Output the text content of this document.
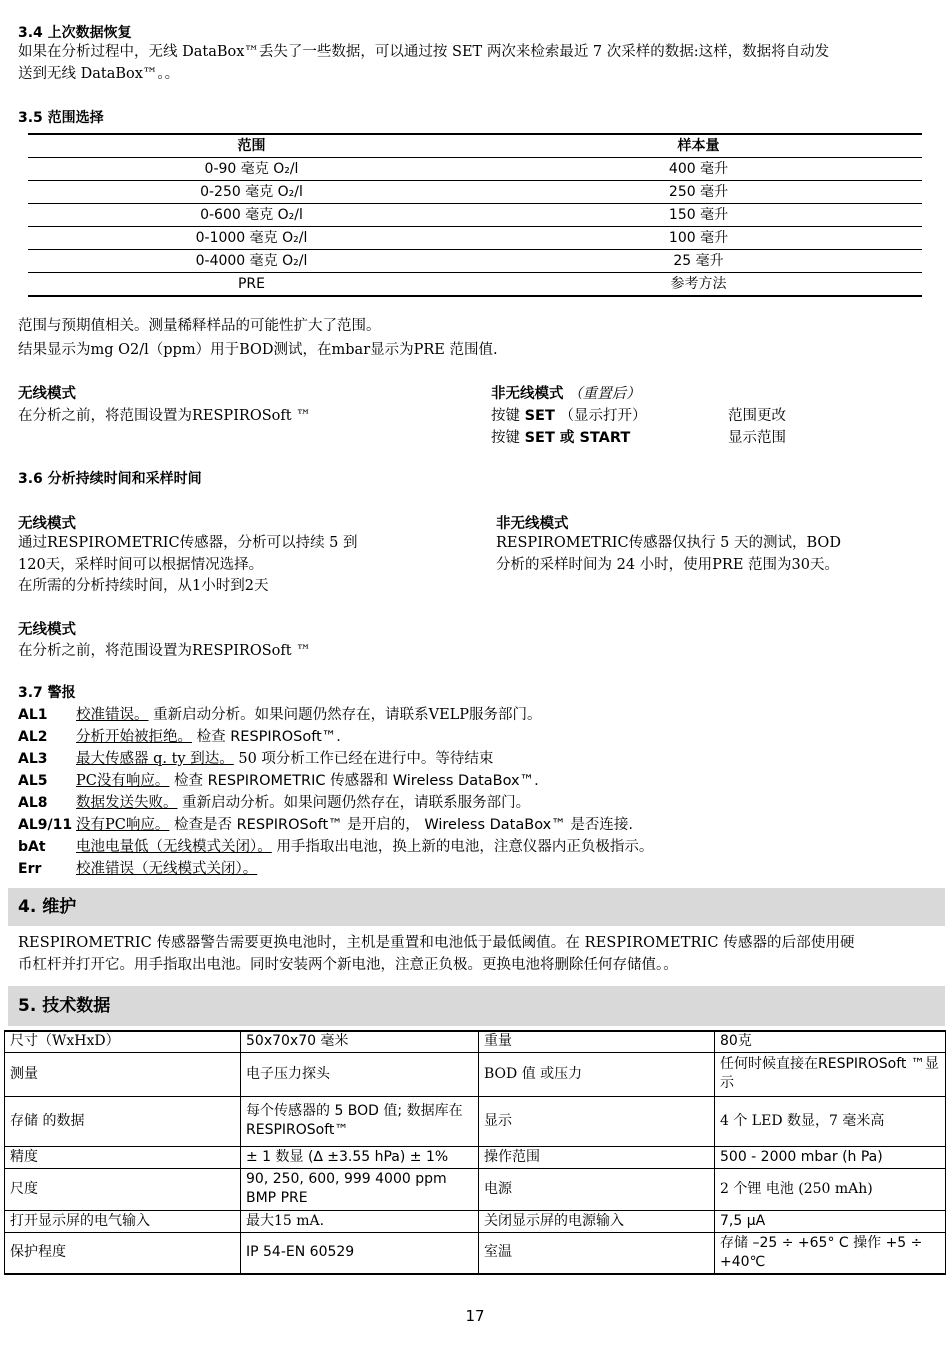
3.4 上次数据恢复
如果在分析过程中，无线 DataBox™丢失了一些数据，可以通过按 SET 两次来检索最近 7 次采样的数据:这样，数据将自动发
送到无线 DataBox™。。
3.5 范围选择
范围	样本量
0-90 毫克 O₂/l	400 毫升
0-250 毫克 O₂/l	250 毫升
0-600 毫克 O₂/l	150 毫升
0-1000 毫克 O₂/l	100 毫升
0-4000 毫克 O₂/l	25 毫升
PRE	参考方法
范围与预期值相关。测量稀释样品的可能性扩大了范围。
结果显示为mg O2/l（ppm）用于BOD测试，在mbar显示为PRE 范围值.
无线模式
在分析之前，将范围设置为RESPIROSoft ™
非无线模式 （重置后）
按键 SET （显示打开）	范围更改
按键 SET 或 START	显示范围
3.6 分析持续时间和采样时间
无线模式
通过RESPIROMETRIC传感器，分析可以持续 5 到
120天，采样时间可以根据情况选择。
在所需的分析持续时间，从1小时到2天
非无线模式
RESPIROMETRIC传感器仅执行 5 天的测试，BOD
分析的采样时间为 24 小时，使用PRE 范围为30天。
无线模式
在分析之前，将范围设置为RESPIROSoft ™
3.7 警报
AL1 校准错误。 重新启动分析。如果问题仍然存在，请联系VELP服务部门。
AL2 分析开始被拒绝。 检查 RESPIROSoft™.
AL3 最大传感器 q. ty 到达。 50 项分析工作已经在进行中。等待结束
AL5 PC没有响应。 检查 RESPIROMETRIC 传感器和 Wireless DataBox™.
AL8 数据发送失败。 重新启动分析。如果问题仍然存在，请联系服务部门。
AL9/11 没有PC响应。 检查是否 RESPIROSoft™ 是开启的， Wireless DataBox™ 是否连接.
bAt 电池电量低（无线模式关闭）。 用手指取出电池，换上新的电池，注意仪器内正负极指示。
Err 校准错误（无线模式关闭）。
4. 维护
RESPIROMETRIC 传感器警告需要更换电池时，主机是重置和电池低于最低阈值。在 RESPIROMETRIC 传感器的后部使用硬
币杠杆并打开它。用手指取出电池。同时安装两个新电池，注意正负极。更换电池将删除任何存储值。。
5. 技术数据
尺寸（WxHxD）	50x70x70 毫米	重量	80克
测量	电子压力探头	BOD 值 或压力	任何时候直接在RESPIROSoft ™显示
存储 的数据	每个传感器的 5 BOD 值; 数据库在 RESPIROSoft™	显示	4 个 LED 数显，7 毫米高
精度	± 1 数显 (∆ ±3.55 hPa) ± 1%	操作范围	500 - 2000 mbar (h Pa)
尺度	90, 250, 600, 999 4000 ppm BMP PRE	电源	2 个锂 电池 (250 mAh)
打开显示屏的电气输入	最大15 mA.	关闭显示屏的电源输入	7,5 µA
保护程度	IP 54-EN 60529	室温	存储 –25 ÷ +65° C 操作 +5 ÷ +40℃
17
